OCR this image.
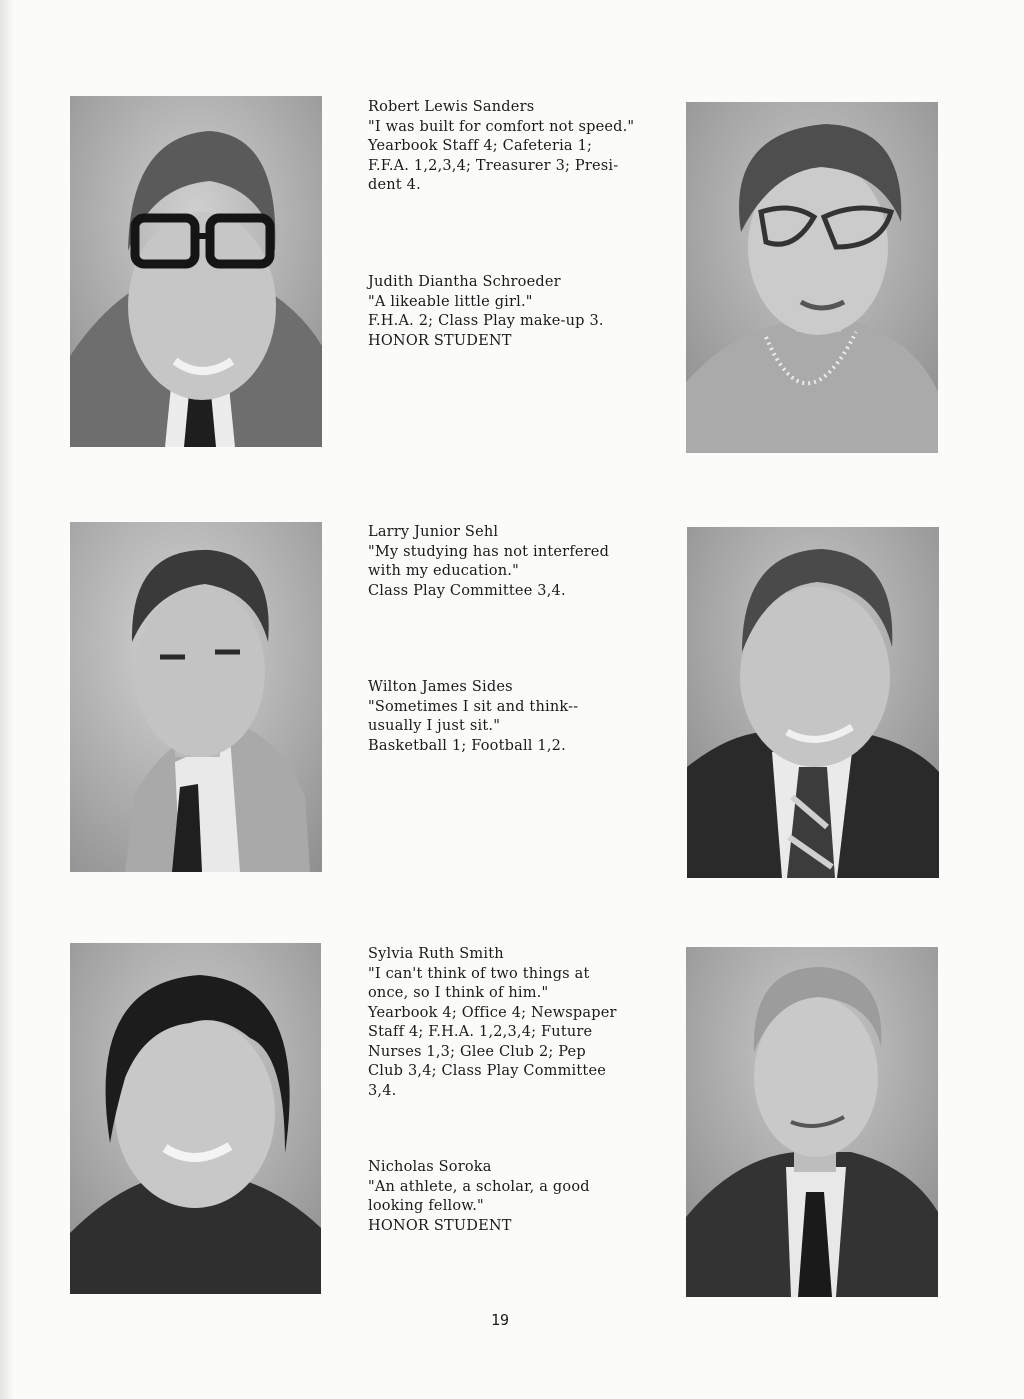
Robert Lewis Sanders
"I was built for comfort not speed."
Yearbook Staff 4; Cafeteria 1;
F.F.A. 1,2,3,4; Treasurer 3; Presi-
dent 4.
Judith Diantha Schroeder
"A likeable little girl."
F.H.A. 2; Class Play make-up 3.
HONOR STUDENT
Larry Junior Sehl
"My studying has not interfered
with my education."
Class Play Committee 3,4.
Wilton James Sides
"Sometimes I sit and think--
usually I just sit."
Basketball 1; Football 1,2.
Sylvia Ruth Smith
"I can't think of two things at
once, so I think of him."
Yearbook 4; Office 4; Newspaper
Staff 4; F.H.A. 1,2,3,4; Future
Nurses 1,3; Glee Club 2; Pep
Club 3,4; Class Play Committee
3,4.
Nicholas Soroka
"An athlete, a scholar, a good
looking fellow."
HONOR STUDENT
19
